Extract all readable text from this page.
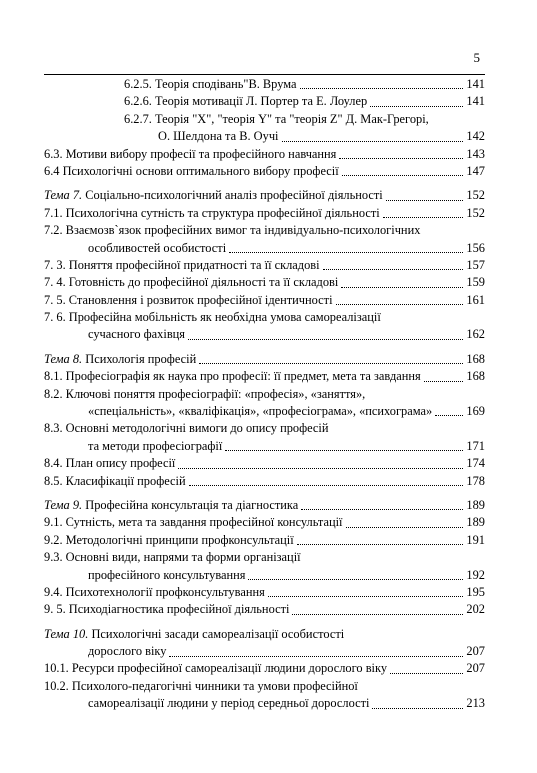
5
6.2.5. Теорія сподівань"В. Врума	141
6.2.6. Теорія мотивації Л. Портер та Е. Лоулер	141
6.2.7. Теорія "X", "теорія Y" та "теорія Z" Д. Мак-Грегорі,
О. Шелдона та В. Оучі	142
6.3. Мотиви вибору професії та професійного навчання	143
6.4 Психологічні основи оптимального вибору професії	147
Тема 7. Соціально-психологічний аналіз професійної діяльності	152
7.1. Психологічна сутність та структура професійної діяльності	152
7.2. Взаємозв`язок професійних вимог та індивідуально-психологічних
особливостей особистості	156
7. 3. Поняття професійної придатності та її складові	157
7. 4. Готовність до професійної діяльності та її складові	159
7. 5. Становлення і розвиток професійної ідентичності	161
7. 6. Професійна мобільність як необхідна умова самореалізації
сучасного фахівця	162
Тема 8. Психологія професій	168
8.1. Професіографія як наука про професії: її предмет, мета та завдання	168
8.2. Ключові поняття професіографії: «професія», «заняття»,
«спеціальність», «кваліфікація», «професіограма», «психограма»	169
8.3. Основні методологічні вимоги до опису професій
та методи професіографії	171
8.4. План опису професії	174
8.5. Класифікації професій	178
Тема 9. Професійна консультація та діагностика	189
9.1. Сутність, мета та завдання професійної консультації	189
9.2. Методологічні принципи профконсультації	191
9.3. Основні види, напрями та форми організації
професійного консультування	192
9.4. Психотехнології профконсультування	195
9. 5. Психодіагностика професійної діяльності	202
Тема 10. Психологічні засади самореалізації особистості
дорослого віку	207
10.1. Ресурси професійної самореалізації людини дорослого віку	207
10.2. Психолого-педагогічні чинники та умови професійної
самореалізації людини у період середньої дорослості	213
